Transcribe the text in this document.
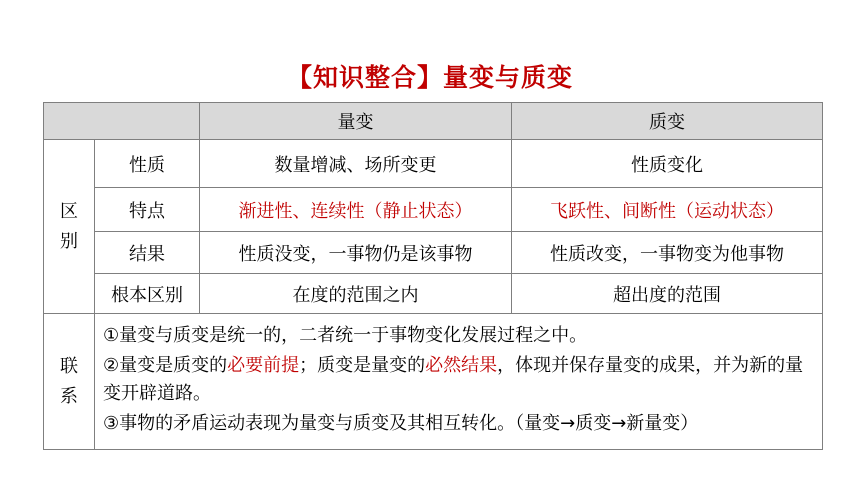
【知识整合】量变与质变
		量变	质变
区别	性质	数量增减、场所变更	性质变化
	特点	渐进性、连续性（静止状态）	飞跃性、间断性（运动状态）
	结果	性质没变，一事物仍是该事物	性质改变，一事物变为他事物
	根本区别	在度的范围之内	超出度的范围
联系	①量变与质变是统一的，二者统一于事物变化发展过程之中。

②量变是质变的必要前提；质变是量变的必然结果，体现并保存量变的成果，并为新的量变开辟道路。

③事物的矛盾运动表现为量变与质变及其相互转化。（量变→质变→新量变）		
